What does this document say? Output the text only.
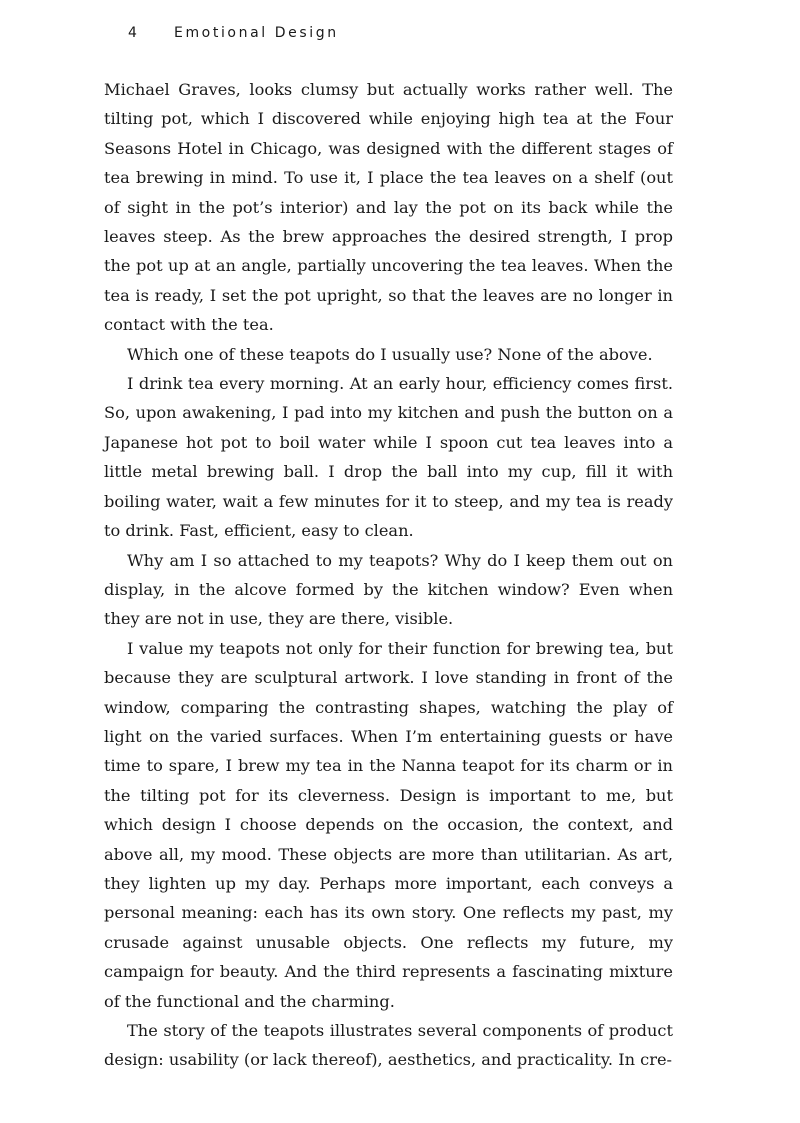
4 Emotional Design

Michael Graves, looks clumsy but actually works rather well. The tilting pot, which I discovered while enjoying high tea at the Four Seasons Hotel in Chicago, was designed with the different stages of tea brewing in mind. To use it, I place the tea leaves on a shelf (out of sight in the pot’s interior) and lay the pot on its back while the leaves steep. As the brew approaches the desired strength, I prop the pot up at an angle, partially uncovering the tea leaves. When the tea is ready, I set the pot upright, so that the leaves are no longer in contact with the tea.

Which one of these teapots do I usually use? None of the above.

I drink tea every morning. At an early hour, efficiency comes first. So, upon awakening, I pad into my kitchen and push the button on a Japanese hot pot to boil water while I spoon cut tea leaves into a little metal brewing ball. I drop the ball into my cup, fill it with boiling water, wait a few minutes for it to steep, and my tea is ready to drink. Fast, efficient, easy to clean.

Why am I so attached to my teapots? Why do I keep them out on display, in the alcove formed by the kitchen window? Even when they are not in use, they are there, visible.

I value my teapots not only for their function for brewing tea, but because they are sculptural artwork. I love standing in front of the window, comparing the contrasting shapes, watching the play of light on the varied surfaces. When I’m entertaining guests or have time to spare, I brew my tea in the Nanna teapot for its charm or in the tilting pot for its cleverness. Design is important to me, but which design I choose depends on the occasion, the context, and above all, my mood. These objects are more than utilitarian. As art, they lighten up my day. Perhaps more important, each conveys a personal meaning: each has its own story. One reflects my past, my crusade against unusable objects. One reflects my future, my campaign for beauty. And the third represents a fascinating mixture of the functional and the charming.

The story of the teapots illustrates several components of product design: usability (or lack thereof), aesthetics, and practicality. In cre-
